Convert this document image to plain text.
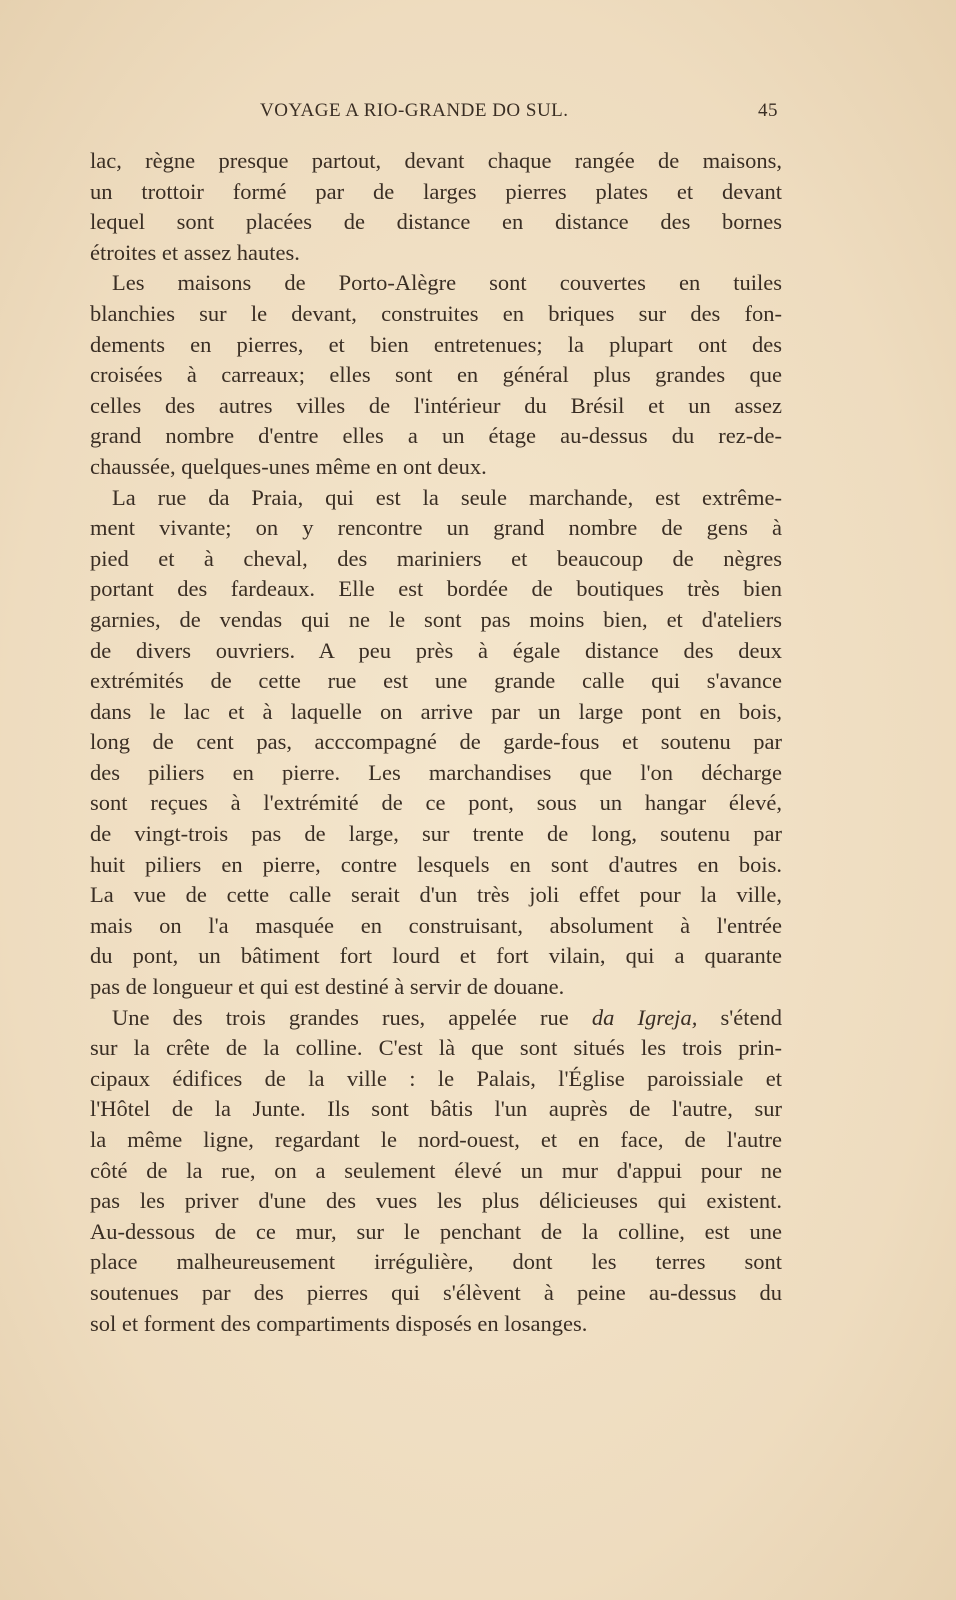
VOYAGE A RIO-GRANDE DO SUL.	45
lac, règne presque partout, devant chaque rangée de maisons,
un trottoir formé par de larges pierres plates et devant
lequel sont placées de distance en distance des bornes
étroites et assez hautes.
Les maisons de Porto-Alègre sont couvertes en tuiles
blanchies sur le devant, construites en briques sur des fon-
dements en pierres, et bien entretenues; la plupart ont des
croisées à carreaux; elles sont en général plus grandes que
celles des autres villes de l'intérieur du Brésil et un assez
grand nombre d'entre elles a un étage au-dessus du rez-de-
chaussée, quelques-unes même en ont deux.
La rue da Praia, qui est la seule marchande, est extrême-
ment vivante; on y rencontre un grand nombre de gens à
pied et à cheval, des mariniers et beaucoup de nègres
portant des fardeaux. Elle est bordée de boutiques très bien
garnies, de vendas qui ne le sont pas moins bien, et d'ateliers
de divers ouvriers. A peu près à égale distance des deux
extrémités de cette rue est une grande calle qui s'avance
dans le lac et à laquelle on arrive par un large pont en bois,
long de cent pas, acccompagné de garde-fous et soutenu par
des piliers en pierre. Les marchandises que l'on décharge
sont reçues à l'extrémité de ce pont, sous un hangar élevé,
de vingt-trois pas de large, sur trente de long, soutenu par
huit piliers en pierre, contre lesquels en sont d'autres en bois.
La vue de cette calle serait d'un très joli effet pour la ville,
mais on l'a masquée en construisant, absolument à l'entrée
du pont, un bâtiment fort lourd et fort vilain, qui a quarante
pas de longueur et qui est destiné à servir de douane.
Une des trois grandes rues, appelée rue da Igreja, s'étend
sur la crête de la colline. C'est là que sont situés les trois prin-
cipaux édifices de la ville : le Palais, l'Église paroissiale et
l'Hôtel de la Junte. Ils sont bâtis l'un auprès de l'autre, sur
la même ligne, regardant le nord-ouest, et en face, de l'autre
côté de la rue, on a seulement élevé un mur d'appui pour ne
pas les priver d'une des vues les plus délicieuses qui existent.
Au-dessous de ce mur, sur le penchant de la colline, est une
place malheureusement irrégulière, dont les terres sont
soutenues par des pierres qui s'élèvent à peine au-dessus du
sol et forment des compartiments disposés en losanges.
